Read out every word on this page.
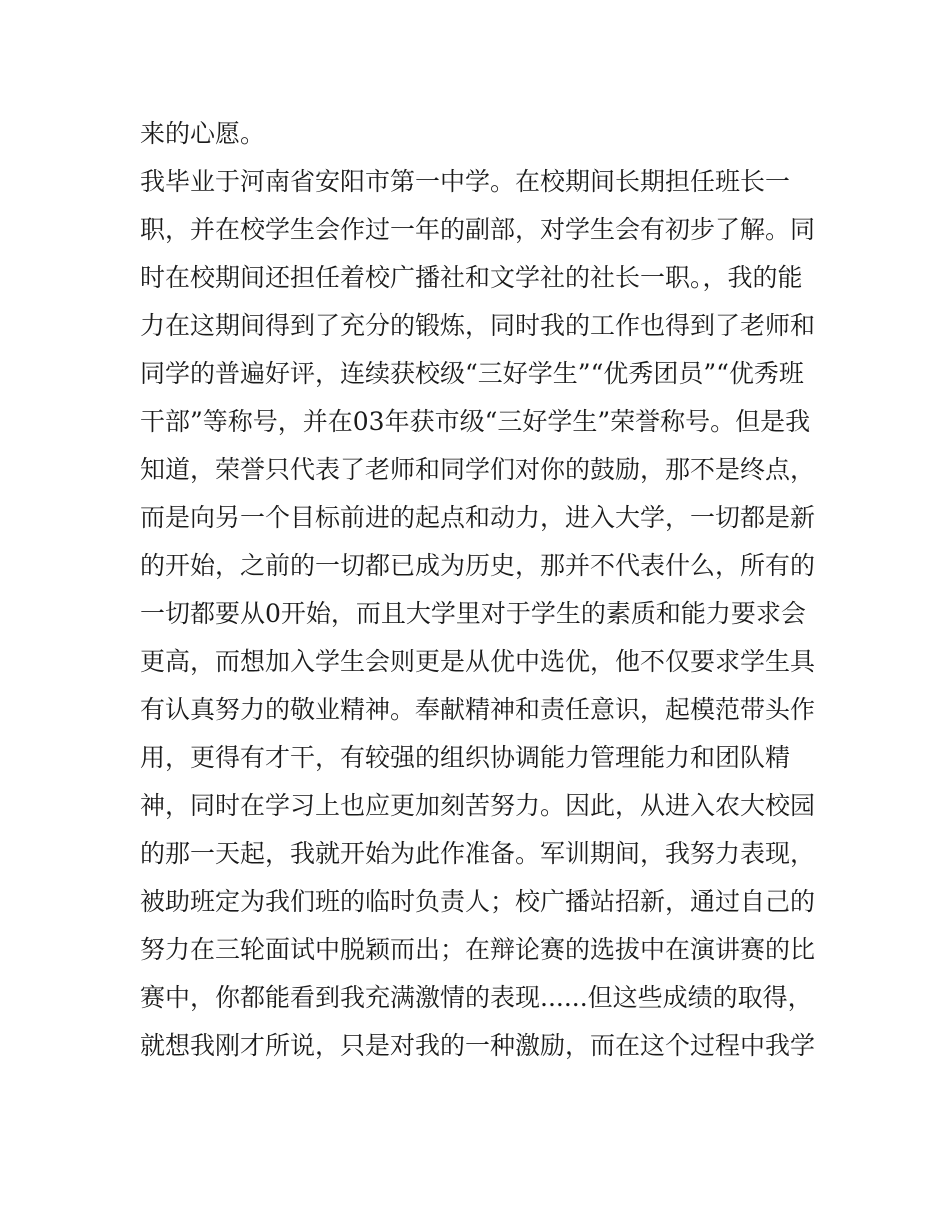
来的心愿。
我毕业于河南省安阳市第一中学。在校期间长期担任班长一
职，并在校学生会作过一年的副部，对学生会有初步了解。同
时在校期间还担任着校广播社和文学社的社长一职。，我的能
力在这期间得到了充分的锻炼，同时我的工作也得到了老师和
同学的普遍好评，连续获校级“三好学生”“优秀团员”“优秀班
干部”等称号，并在03年获市级“三好学生”荣誉称号。但是我
知道，荣誉只代表了老师和同学们对你的鼓励，那不是终点，
而是向另一个目标前进的起点和动力，进入大学，一切都是新
的开始，之前的一切都已成为历史，那并不代表什么，所有的
一切都要从0开始，而且大学里对于学生的素质和能力要求会
更高，而想加入学生会则更是从优中选优，他不仅要求学生具
有认真努力的敬业精神。奉献精神和责任意识，起模范带头作
用，更得有才干，有较强的组织协调能力管理能力和团队精
神，同时在学习上也应更加刻苦努力。因此，从进入农大校园
的那一天起，我就开始为此作准备。军训期间，我努力表现，
被助班定为我们班的临时负责人；校广播站招新，通过自己的
努力在三轮面试中脱颖而出；在辩论赛的选拔中在演讲赛的比
赛中，你都能看到我充满激情的表现......但这些成绩的取得，
就想我刚才所说，只是对我的一种激励，而在这个过程中我学
